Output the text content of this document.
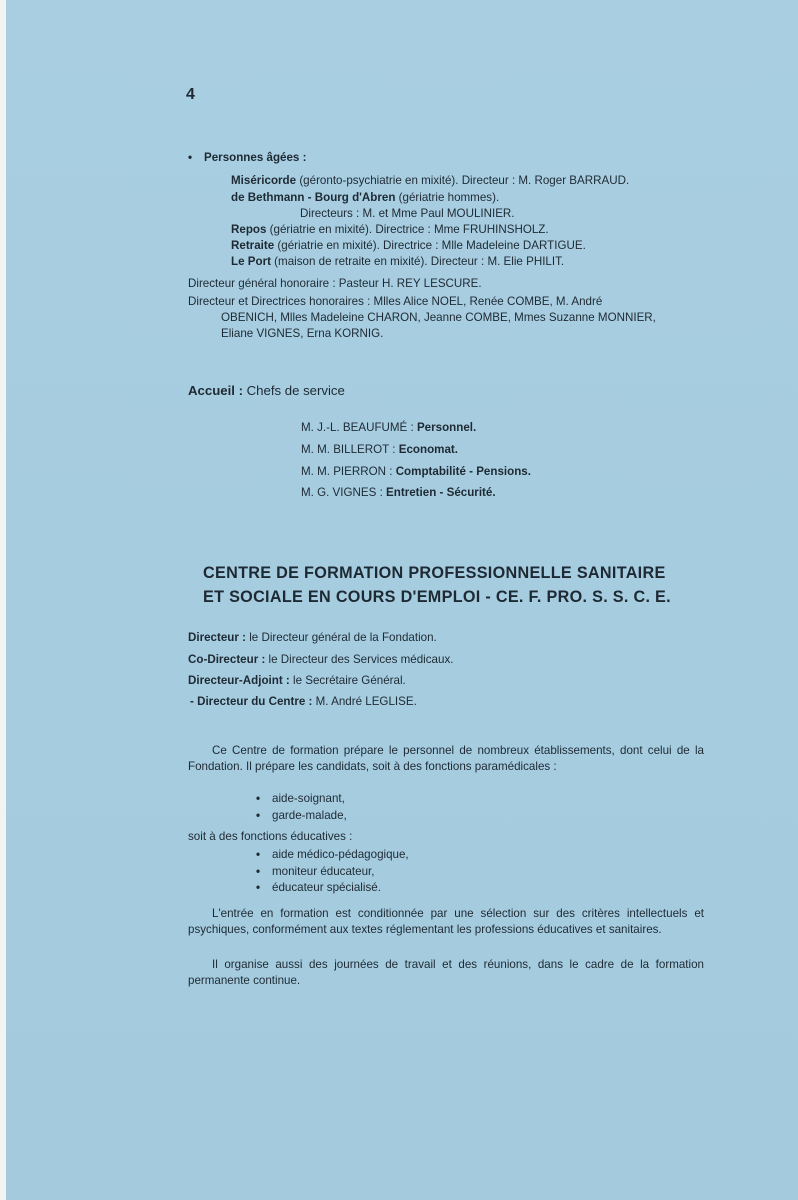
4
• Personnes âgées :
Miséricorde (géronto-psychiatrie en mixité). Directeur : M. Roger BARRAUD.
de Bethmann - Bourg d'Abren (gériatrie hommes).
Directeurs : M. et Mme Paul MOULINIER.
Repos (gériatrie en mixité). Directrice : Mme FRUHINSHOLZ.
Retraite (gériatrie en mixité). Directrice : Mlle Madeleine DARTIGUE.
Le Port (maison de retraite en mixité). Directeur : M. Elie PHILIT.
Directeur général honoraire : Pasteur H. REY LESCURE.
Directeur et Directrices honoraires : Mlles Alice NOEL, Renée COMBE, M. André
OBENICH, Mlles Madeleine CHARON, Jeanne COMBE, Mmes Suzanne MONNIER,
Eliane VIGNES, Erna KORNIG.
Accueil : Chefs de service
M. J.-L. BEAUFUMÉ : Personnel.
M. M. BILLEROT : Economat.
M. M. PIERRON : Comptabilité - Pensions.
M. G. VIGNES : Entretien - Sécurité.
CENTRE DE FORMATION PROFESSIONNELLE SANITAIRE
ET SOCIALE EN COURS D'EMPLOI - CE. F. PRO. S. S. C. E.
Directeur : le Directeur général de la Fondation.
Co-Directeur : le Directeur des Services médicaux.
Directeur-Adjoint : le Secrétaire Général.
- Directeur du Centre : M. André LEGLISE.
Ce Centre de formation prépare le personnel de nombreux établissements, dont celui de la Fondation. Il prépare les candidats, soit à des fonctions paramédicales :
• aide-soignant,
• garde-malade,
soit à des fonctions éducatives :
• aide médico-pédagogique,
• moniteur éducateur,
• éducateur spécialisé.
L'entrée en formation est conditionnée par une sélection sur des critères intellectuels et psychiques, conformément aux textes réglementant les professions éducatives et sanitaires.
Il organise aussi des journées de travail et des réunions, dans le cadre de la formation permanente continue.
